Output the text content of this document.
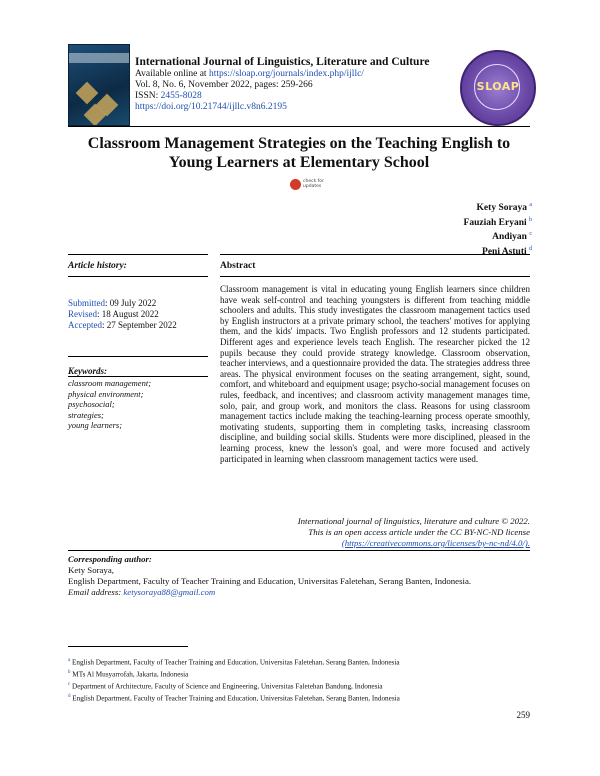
International Journal of Linguistics, Literature and Culture
Available online at https://sloap.org/journals/index.php/ijllc/
Vol. 8, No. 6, November 2022, pages: 259-266
ISSN: 2455-8028
https://doi.org/10.21744/ijllc.v8n6.2195
SLOAP
Classroom Management Strategies on the Teaching English to
Young Learners at Elementary School
check for updates
Kety Soraya $^a$
Fauziah Eryani $^b$
Andiyan $^c$
Peni Astuti $^d$
Article history:	Abstract
Submitted: 09 July 2022
Revised: 18 August 2022
Accepted: 27 September 2022
Keywords:
classroom management;
physical environment;
psychosocial;
strategies;
young learners;
Classroom management is vital in educating young English learners since children have weak self-control and teaching youngsters is different from teaching middle schoolers and adults. This study investigates the classroom management tactics used by English instructors at a private primary school, the teachers' motives for applying them, and the kids' impacts. Two English professors and 12 students participated. Different ages and experience levels teach English. The researcher picked the 12 pupils because they could provide strategy knowledge. Classroom observation, teacher interviews, and a questionnaire provided the data. The strategies address three areas. The physical environment focuses on the seating arrangement, sight, sound, comfort, and whiteboard and equipment usage; psycho-social management focuses on rules, feedback, and incentives; and classroom activity management manages time, solo, pair, and group work, and monitors the class. Reasons for using classroom management tactics include making the teaching-learning process operate smoothly, motivating students, supporting them in completing tasks, increasing classroom discipline, and building social skills. Students were more disciplined, pleased in the learning process, knew the lesson's goal, and were more focused and actively participated in learning when classroom management tactics were used.
International journal of linguistics, literature and culture © 2022.
This is an open access article under the CC BY-NC-ND license
(https://creativecommons.org/licenses/by-nc-nd/4.0/).
Corresponding author:
Kety Soraya,
English Department, Faculty of Teacher Training and Education, Universitas Faletehan, Serang Banten, Indonesia.
Email address: ketysoraya88@gmail.com
$^a$ English Department, Faculty of Teacher Training and Education, Universitas Faletehan, Serang Banten, Indonesia
$^b$ MTs Al Musyarrofah, Jakarta, Indonesia
$^c$ Department of Architecture, Faculty of Science and Engineering, Universitas Faletehan Bandung, Indonesia
$^d$ English Department, Faculty of Teacher Training and Education, Universitas Faletehan, Serang Banten, Indonesia
259
